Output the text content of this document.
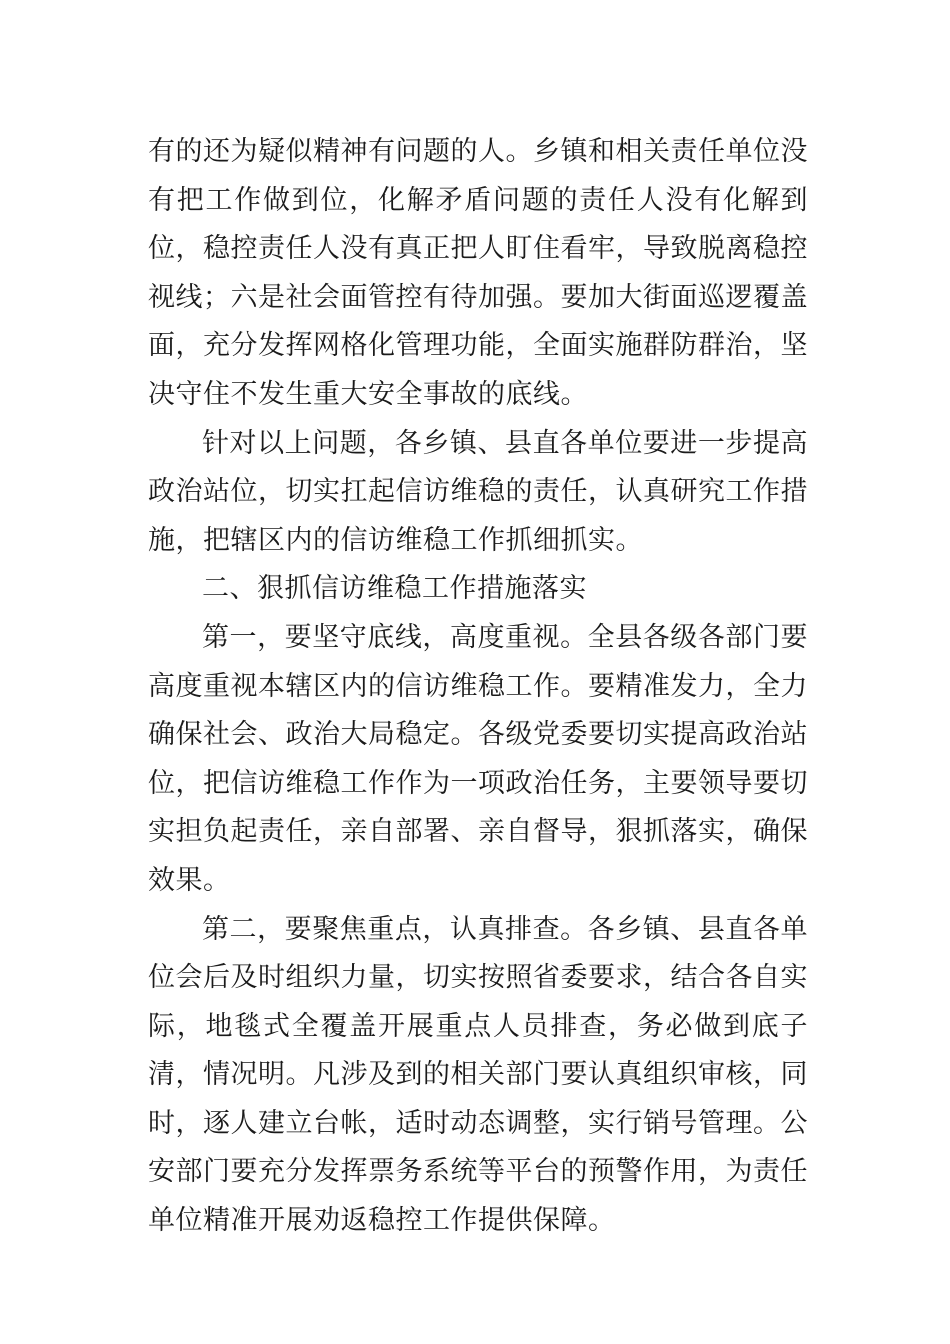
有的还为疑似精神有问题的人。乡镇和相关责任单位没有把工作做到位，化解矛盾问题的责任人没有化解到位，稳控责任人没有真正把人盯住看牢，导致脱离稳控视线；六是社会面管控有待加强。要加大街面巡逻覆盖面，充分发挥网格化管理功能，全面实施群防群治，坚决守住不发生重大安全事故的底线。

针对以上问题，各乡镇、县直各单位要进一步提高政治站位，切实扛起信访维稳的责任，认真研究工作措施，把辖区内的信访维稳工作抓细抓实。

二、狠抓信访维稳工作措施落实

第一，要坚守底线，高度重视。全县各级各部门要高度重视本辖区内的信访维稳工作。要精准发力，全力确保社会、政治大局稳定。各级党委要切实提高政治站位，把信访维稳工作作为一项政治任务，主要领导要切实担负起责任，亲自部署、亲自督导，狠抓落实，确保效果。

第二，要聚焦重点，认真排查。各乡镇、县直各单位会后及时组织力量，切实按照省委要求，结合各自实际，地毯式全覆盖开展重点人员排查，务必做到底子清，情况明。凡涉及到的相关部门要认真组织审核，同时，逐人建立台帐，适时动态调整，实行销号管理。公安部门要充分发挥票务系统等平台的预警作用，为责任单位精准开展劝返稳控工作提供保障。
